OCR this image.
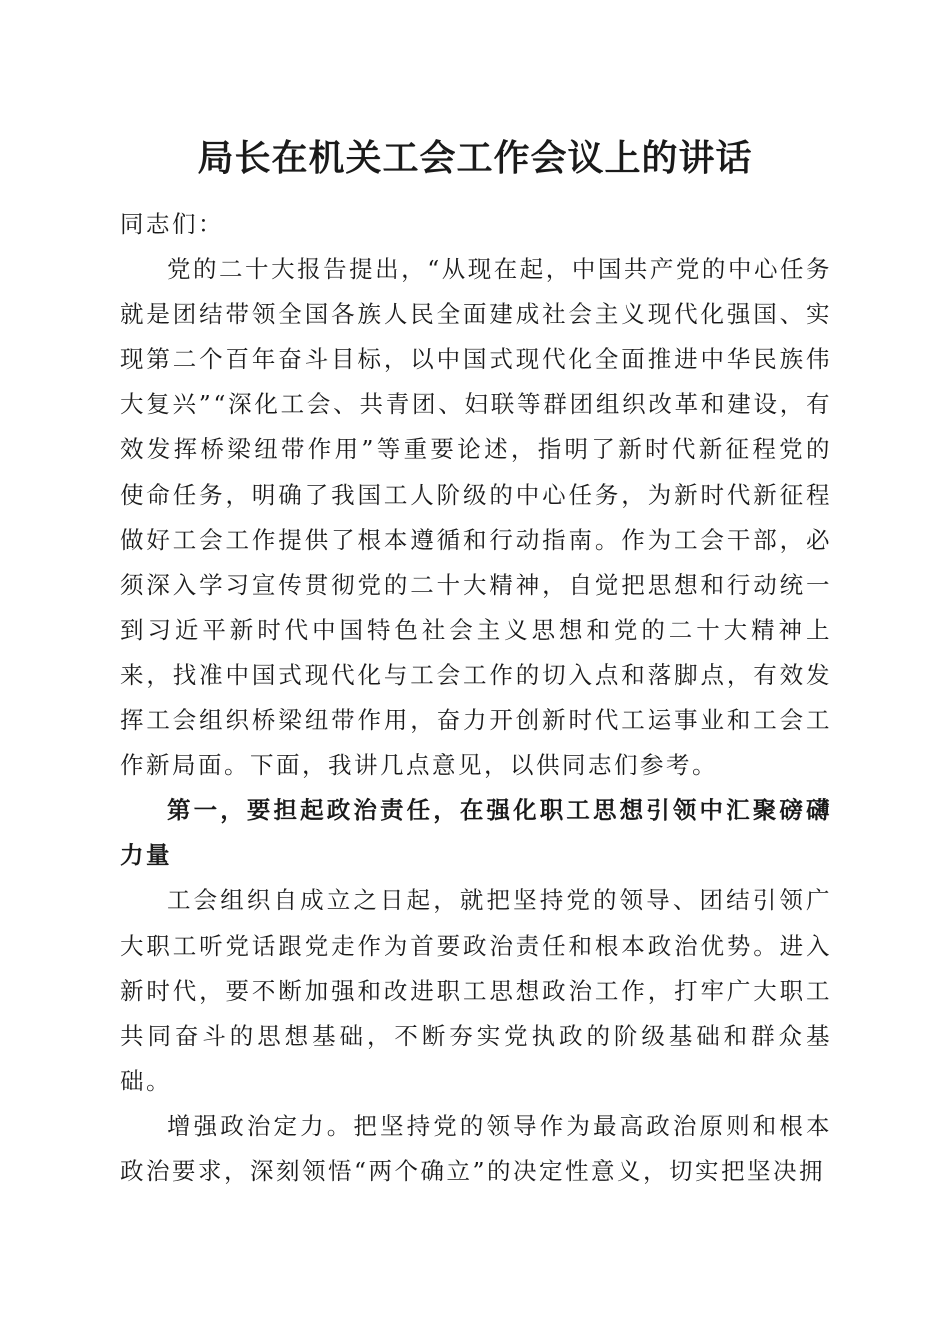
局长在机关工会工作会议上的讲话

同志们：

党的二十大报告提出，“从现在起，中国共产党的中心任务就是团结带领全国各族人民全面建成社会主义现代化强国、实现第二个百年奋斗目标，以中国式现代化全面推进中华民族伟大复兴”“深化工会、共青团、妇联等群团组织改革和建设，有效发挥桥梁纽带作用”等重要论述，指明了新时代新征程党的使命任务，明确了我国工人阶级的中心任务，为新时代新征程做好工会工作提供了根本遵循和行动指南。作为工会干部，必须深入学习宣传贯彻党的二十大精神，自觉把思想和行动统一到习近平新时代中国特色社会主义思想和党的二十大精神上来，找准中国式现代化与工会工作的切入点和落脚点，有效发挥工会组织桥梁纽带作用，奋力开创新时代工运事业和工会工作新局面。下面，我讲几点意见，以供同志们参考。

第一，要担起政治责任，在强化职工思想引领中汇聚磅礴力量

工会组织自成立之日起，就把坚持党的领导、团结引领广大职工听党话跟党走作为首要政治责任和根本政治优势。进入新时代，要不断加强和改进职工思想政治工作，打牢广大职工共同奋斗的思想基础，不断夯实党执政的阶级基础和群众基础。

增强政治定力。把坚持党的领导作为最高政治原则和根本政治要求，深刻领悟“两个确立”的决定性意义，切实把坚决拥
